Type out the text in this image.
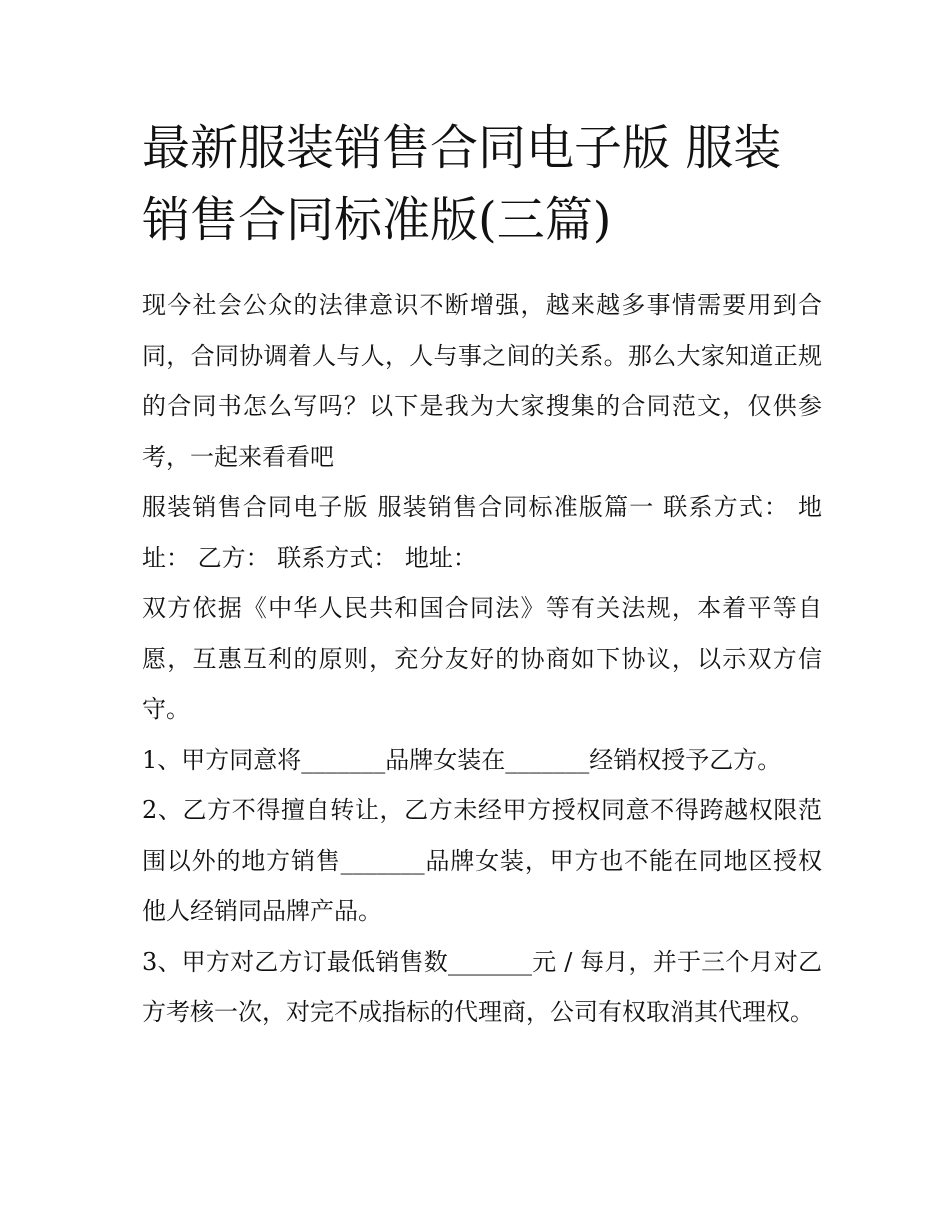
最新服装销售合同电子版 服装销售合同标准版(三篇)

现今社会公众的法律意识不断增强，越来越多事情需要用到合同，合同协调着人与人，人与事之间的关系。那么大家知道正规的合同书怎么写吗？以下是我为大家搜集的合同范文，仅供参考，一起来看看吧

服装销售合同电子版 服装销售合同标准版篇一 联系方式： 地址： 乙方： 联系方式： 地址：

双方依据《中华人民共和国合同法》等有关法规，本着平等自愿，互惠互利的原则，充分友好的协商如下协议，以示双方信守。

1、甲方同意将_______品牌女装在_______经销权授予乙方。

2、乙方不得擅自转让，乙方未经甲方授权同意不得跨越权限范围以外的地方销售_______品牌女装，甲方也不能在同地区授权他人经销同品牌产品。

3、甲方对乙方订最低销售数_______元 / 每月，并于三个月对乙方考核一次，对完不成指标的代理商，公司有权取消其代理权。
